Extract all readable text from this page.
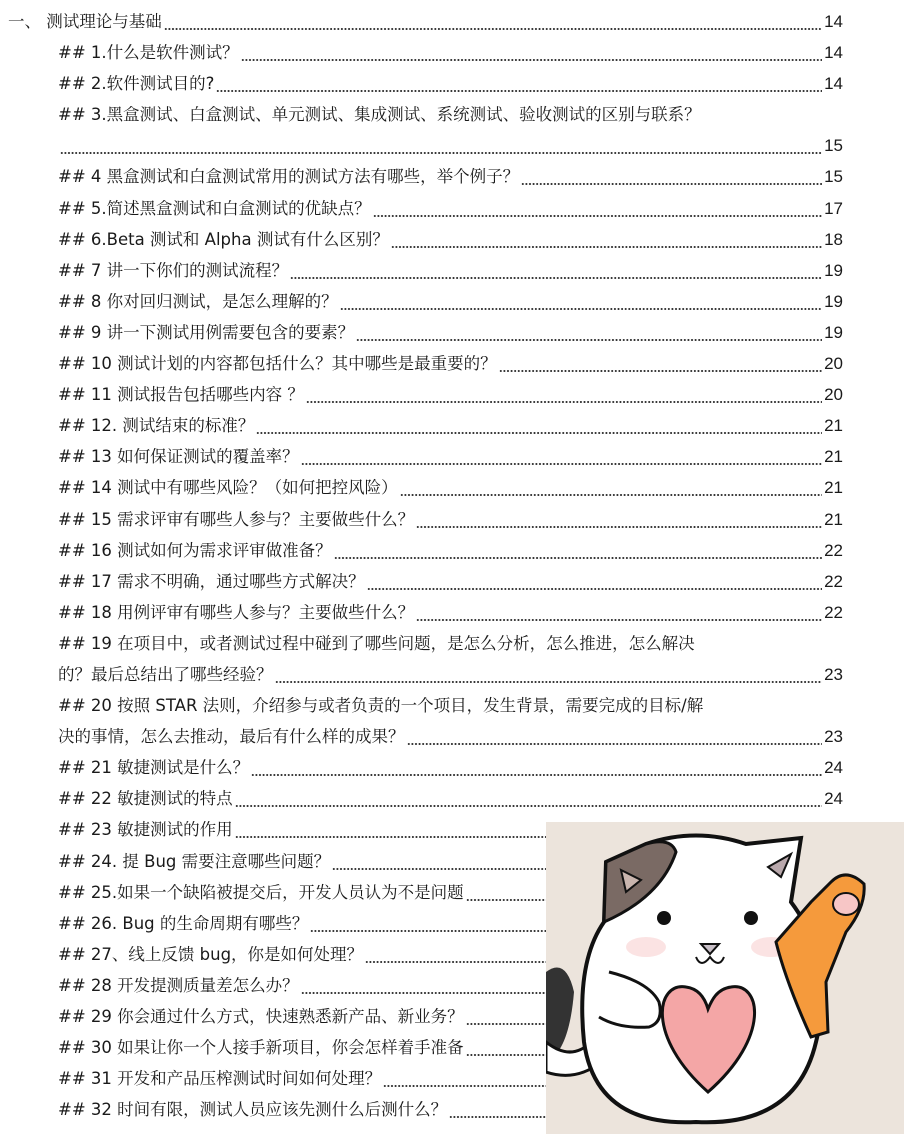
一、 测试理论与基础	14
## 1.什么是软件测试？	14
## 2.软件测试目的?	14
## 3.黑盒测试、白盒测试、单元测试、集成测试、系统测试、验收测试的区别与联系？
15
## 4 黑盒测试和白盒测试常用的测试方法有哪些，举个例子？	15
## 5.简述黑盒测试和白盒测试的优缺点？	17
## 6.Beta 测试和 Alpha 测试有什么区别？	18
## 7 讲一下你们的测试流程？	19
## 8 你对回归测试，是怎么理解的？	19
## 9 讲一下测试用例需要包含的要素？	19
## 10 测试计划的内容都包括什么？其中哪些是最重要的？	20
## 11 测试报告包括哪些内容 ？	20
## 12. 测试结束的标准？	21
## 13 如何保证测试的覆盖率？	21
## 14 测试中有哪些风险？（如何把控风险）	21
## 15 需求评审有哪些人参与？主要做些什么？	21
## 16 测试如何为需求评审做准备？	22
## 17 需求不明确，通过哪些方式解决？	22
## 18 用例评审有哪些人参与？主要做些什么？	22
## 19 在项目中，或者测试过程中碰到了哪些问题，是怎么分析，怎么推进，怎么解决
的？最后总结出了哪些经验？	23
## 20 按照 STAR 法则，介绍参与或者负责的一个项目，发生背景，需要完成的目标/解
决的事情，怎么去推动，最后有什么样的成果？	23
## 21 敏捷测试是什么？	24
## 22 敏捷测试的特点	24
## 23 敏捷测试的作用
## 24. 提 Bug 需要注意哪些问题？
## 25.如果一个缺陷被提交后，开发人员认为不是问题
## 26. Bug 的生命周期有哪些？
## 27、线上反馈 bug，你是如何处理？
## 28 开发提测质量差怎么办？
## 29 你会通过什么方式，快速熟悉新产品、新业务？
## 30 如果让你一个人接手新项目，你会怎样着手准备
## 31 开发和产品压榨测试时间如何处理？
## 32 时间有限，测试人员应该先测什么后测什么？
